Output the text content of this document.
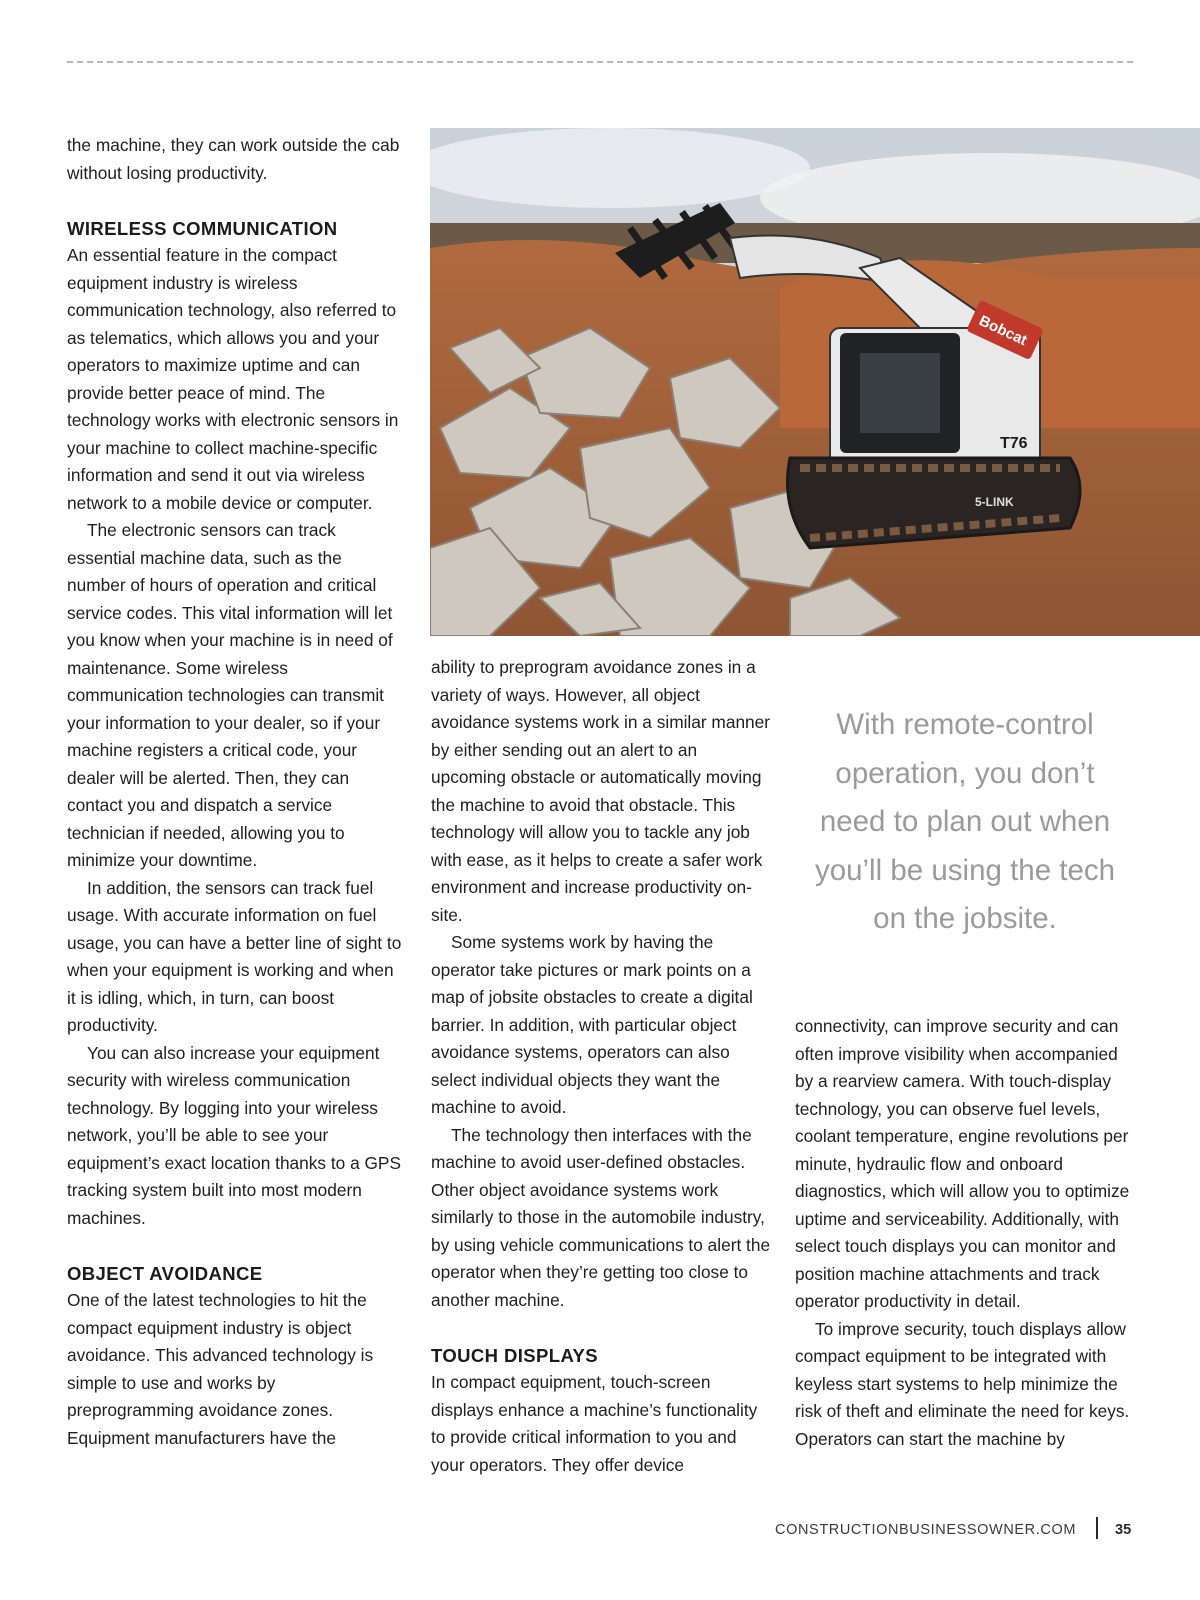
the machine, they can work outside the cab without losing productivity.

WIRELESS COMMUNICATION

An essential feature in the compact equipment industry is wireless communication technology, also referred to as telematics, which allows you and your operators to maximize uptime and can provide better peace of mind. The technology works with electronic sensors in your machine to collect machine-specific information and send it out via wireless network to a mobile device or computer.

The electronic sensors can track essential machine data, such as the number of hours of operation and critical service codes. This vital information will let you know when your machine is in need of maintenance. Some wireless communication technologies can transmit your information to your dealer, so if your machine registers a critical code, your dealer will be alerted. Then, they can contact you and dispatch a service technician if needed, allowing you to minimize your downtime.

In addition, the sensors can track fuel usage. With accurate information on fuel usage, you can have a better line of sight to when your equipment is working and when it is idling, which, in turn, can boost productivity.

You can also increase your equipment security with wireless communication technology. By logging into your wireless network, you’ll be able to see your equipment’s exact location thanks to a GPS tracking system built into most modern machines.

OBJECT AVOIDANCE

One of the latest technologies to hit the compact equipment industry is object avoidance. This advanced technology is simple to use and works by preprogramming avoidance zones. Equipment manufacturers have the

Bobcat
T76
5-LINK
With remote-control operation, you don’t need to plan out when you’ll be using the tech on the jobsite.

ability to preprogram avoidance zones in a variety of ways. However, all object avoidance systems work in a similar manner by either sending out an alert to an upcoming obstacle or automatically moving the machine to avoid that obstacle. This technology will allow you to tackle any job with ease, as it helps to create a safer work environment and increase productivity on-site.

Some systems work by having the operator take pictures or mark points on a map of jobsite obstacles to create a digital barrier. In addition, with particular object avoidance systems, operators can also select individual objects they want the machine to avoid.

The technology then interfaces with the machine to avoid user-defined obstacles. Other object avoidance systems work similarly to those in the automobile industry, by using vehicle communications to alert the operator when they’re getting too close to another machine.

TOUCH DISPLAYS

In compact equipment, touch-screen displays enhance a machine’s functionality to provide critical information to you and your operators. They offer device

connectivity, can improve security and can often improve visibility when accompanied by a rearview camera. With touch-display technology, you can observe fuel levels, coolant temperature, engine revolutions per minute, hydraulic flow and onboard diagnostics, which will allow you to optimize uptime and serviceability. Additionally, with select touch displays you can monitor and position machine attachments and track operator productivity in detail.

To improve security, touch displays allow compact equipment to be integrated with keyless start systems to help minimize the risk of theft and eliminate the need for keys. Operators can start the machine by

CONSTRUCTIONBUSINESSOWNER.COM	35
